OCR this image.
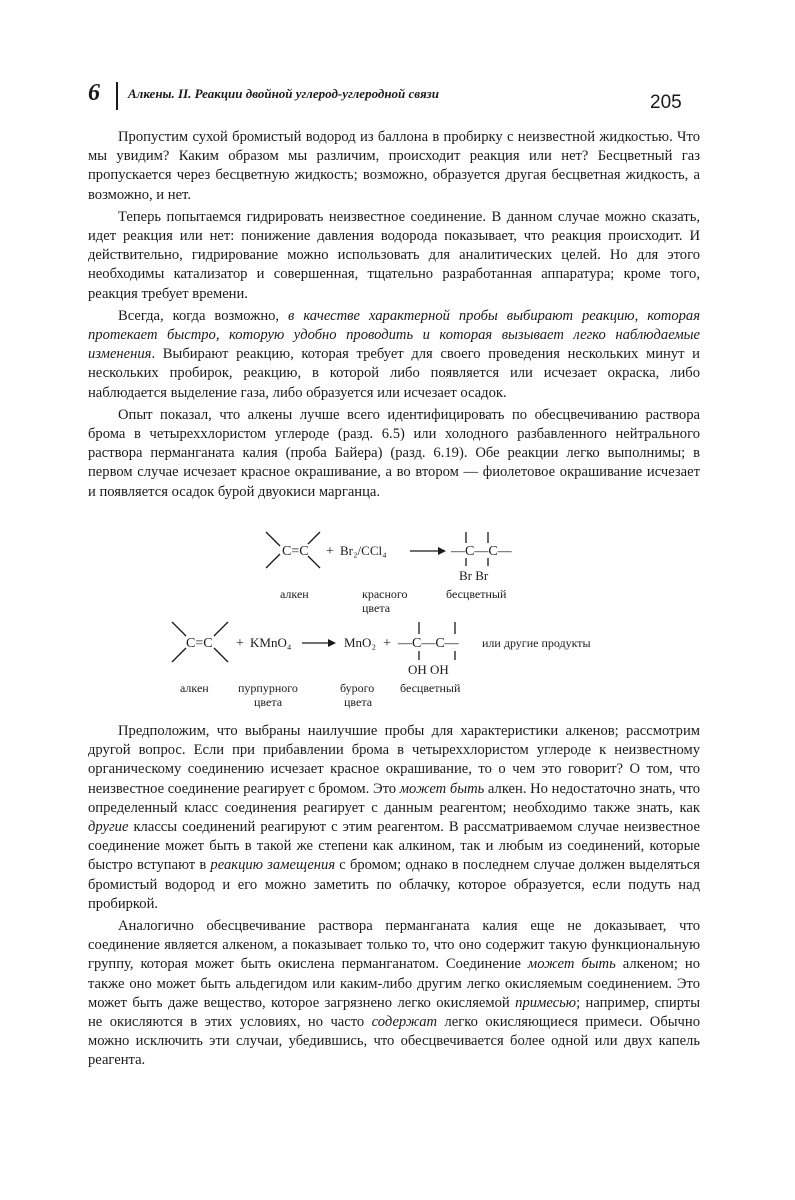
6 Алкены. II. Реакции двойной углерод-углеродной связи	205

Пропустим сухой бромистый водород из баллона в пробирку с неизвестной жидкостью. Что мы увидим? Каким образом мы различим, происходит реакция или нет? Бесцветный газ пропускается через бесцветную жидкость; возможно, образуется другая бесцветная жидкость, а возможно, и нет.

Теперь попытаемся гидрировать неизвестное соединение. В данном случае можно сказать, идет реакция или нет: понижение давления водорода показывает, что реакция происходит. И действительно, гидрирование можно использовать для аналитических целей. Но для этого необходимы катализатор и совершенная, тщательно разработанная аппаратура; кроме того, реакция требует времени.

Всегда, когда возможно, в качестве характерной пробы выбирают реакцию, которая протекает быстро, которую удобно проводить и которая вызывает легко наблюдаемые изменения. Выбирают реакцию, которая требует для своего проведения нескольких минут и нескольких пробирок, реакцию, в которой либо появляется или исчезает окраска, либо наблюдается выделение газа, либо образуется или исчезает осадок.

Опыт показал, что алкены лучше всего идентифицировать по обесцвечиванию раствора брома в четыреххлористом углероде (разд. 6.5) или холодного разбавленного нейтрального раствора перманганата калия (проба Байера) (разд. 6.19). Обе реакции легко выполнимы; в первом случае исчезает красное окрашивание, а во втором — фиолетовое окрашивание исчезает и появляется осадок бурой двуокиси марганца.

C=C + Br₂/CCl₄	—C—C—
Br Br
алкен	красного
цвета
бесцветный
C=C + KMnO₄	MnO₂ + —C—C—
OH OH
или другие продукты
алкен пурпурного
цвета
бурого
цвета
бесцветный

Предположим, что выбраны наилучшие пробы для характеристики алкенов; рассмотрим другой вопрос. Если при прибавлении брома в четыреххлористом углероде к неизвестному органическому соединению исчезает красное окрашивание, то о чем это говорит? О том, что неизвестное соединение реагирует с бромом. Это может быть алкен. Но недостаточно знать, что определенный класс соединения реагирует с данным реагентом; необходимо также знать, как другие классы соединений реагируют с этим реагентом. В рассматриваемом случае неизвестное соединение может быть в такой же степени как алкином, так и любым из соединений, которые быстро вступают в реакцию замещения с бромом; однако в последнем случае должен выделяться бромистый водород и его можно заметить по облачку, которое образуется, если подуть над пробиркой.

Аналогично обесцвечивание раствора перманганата калия еще не доказывает, что соединение является алкеном, а показывает только то, что оно содержит такую функциональную группу, которая может быть окислена перманганатом. Соединение может быть алкеном; но также оно может быть альдегидом или каким-либо другим легко окисляемым соединением. Это может быть даже вещество, которое загрязнено легко окисляемой примесью; например, спирты не окисляются в этих условиях, но часто содержат легко окисляющиеся примеси. Обычно можно исключить эти случаи, убедившись, что обесцвечивается более одной или двух капель реагента.
